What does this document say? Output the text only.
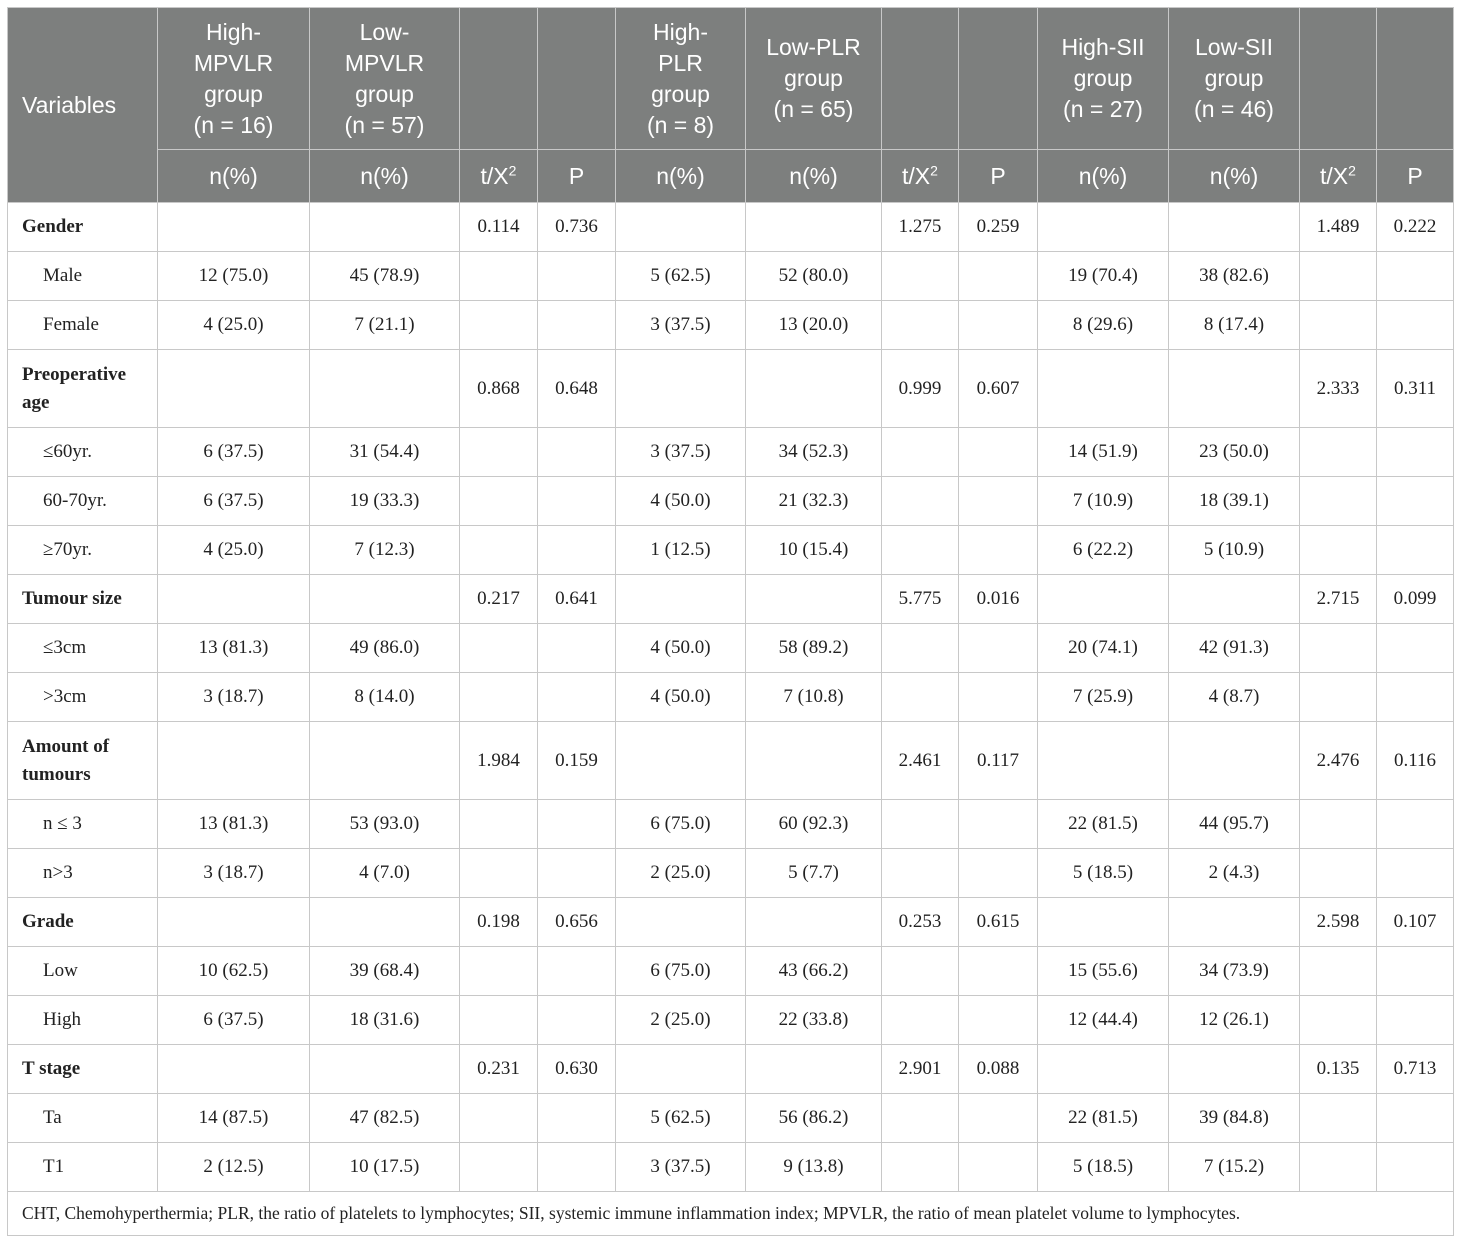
Variables	High-
MPVLR
group
(n = 16)	Low-
MPVLR
group
(n = 57)			High-
PLR
group
(n = 8)	Low-PLR
group
(n = 65)			High-SII
group
(n = 27)	Low-SII
group
(n = 46)		
	n(%)	n(%)	$t/X^2$	P	n(%)	n(%)	$t/X^2$	P	n(%)	n(%)	$t/X^2$	P
Gender			0.114	0.736			1.275	0.259			1.489	0.222
Male	12 (75.0)	45 (78.9)			5 (62.5)	52 (80.0)			19 (70.4)	38 (82.6)		
Female	4 (25.0)	7 (21.1)			3 (37.5)	13 (20.0)			8 (29.6)	8 (17.4)		
Preoperative
age			0.868	0.648			0.999	0.607			2.333	0.311
≤60yr.	6 (37.5)	31 (54.4)			3 (37.5)	34 (52.3)			14 (51.9)	23 (50.0)		
60-70yr.	6 (37.5)	19 (33.3)			4 (50.0)	21 (32.3)			7 (10.9)	18 (39.1)		
≥70yr.	4 (25.0)	7 (12.3)			1 (12.5)	10 (15.4)			6 (22.2)	5 (10.9)		
Tumour size			0.217	0.641			5.775	0.016			2.715	0.099
≤3cm	13 (81.3)	49 (86.0)			4 (50.0)	58 (89.2)			20 (74.1)	42 (91.3)		
>3cm	3 (18.7)	8 (14.0)			4 (50.0)	7 (10.8)			7 (25.9)	4 (8.7)		
Amount of
tumours			1.984	0.159			2.461	0.117			2.476	0.116
n ≤ 3	13 (81.3)	53 (93.0)			6 (75.0)	60 (92.3)			22 (81.5)	44 (95.7)		
n>3	3 (18.7)	4 (7.0)			2 (25.0)	5 (7.7)			5 (18.5)	2 (4.3)		
Grade			0.198	0.656			0.253	0.615			2.598	0.107
Low	10 (62.5)	39 (68.4)			6 (75.0)	43 (66.2)			15 (55.6)	34 (73.9)		
High	6 (37.5)	18 (31.6)			2 (25.0)	22 (33.8)			12 (44.4)	12 (26.1)		
T stage			0.231	0.630			2.901	0.088			0.135	0.713
Ta	14 (87.5)	47 (82.5)			5 (62.5)	56 (86.2)			22 (81.5)	39 (84.8)		
T1	2 (12.5)	10 (17.5)			3 (37.5)	9 (13.8)			5 (18.5)	7 (15.2)		
CHT, Chemohyperthermia; PLR, the ratio of platelets to lymphocytes; SII, systemic immune inflammation index; MPVLR, the ratio of mean platelet volume to lymphocytes.												
